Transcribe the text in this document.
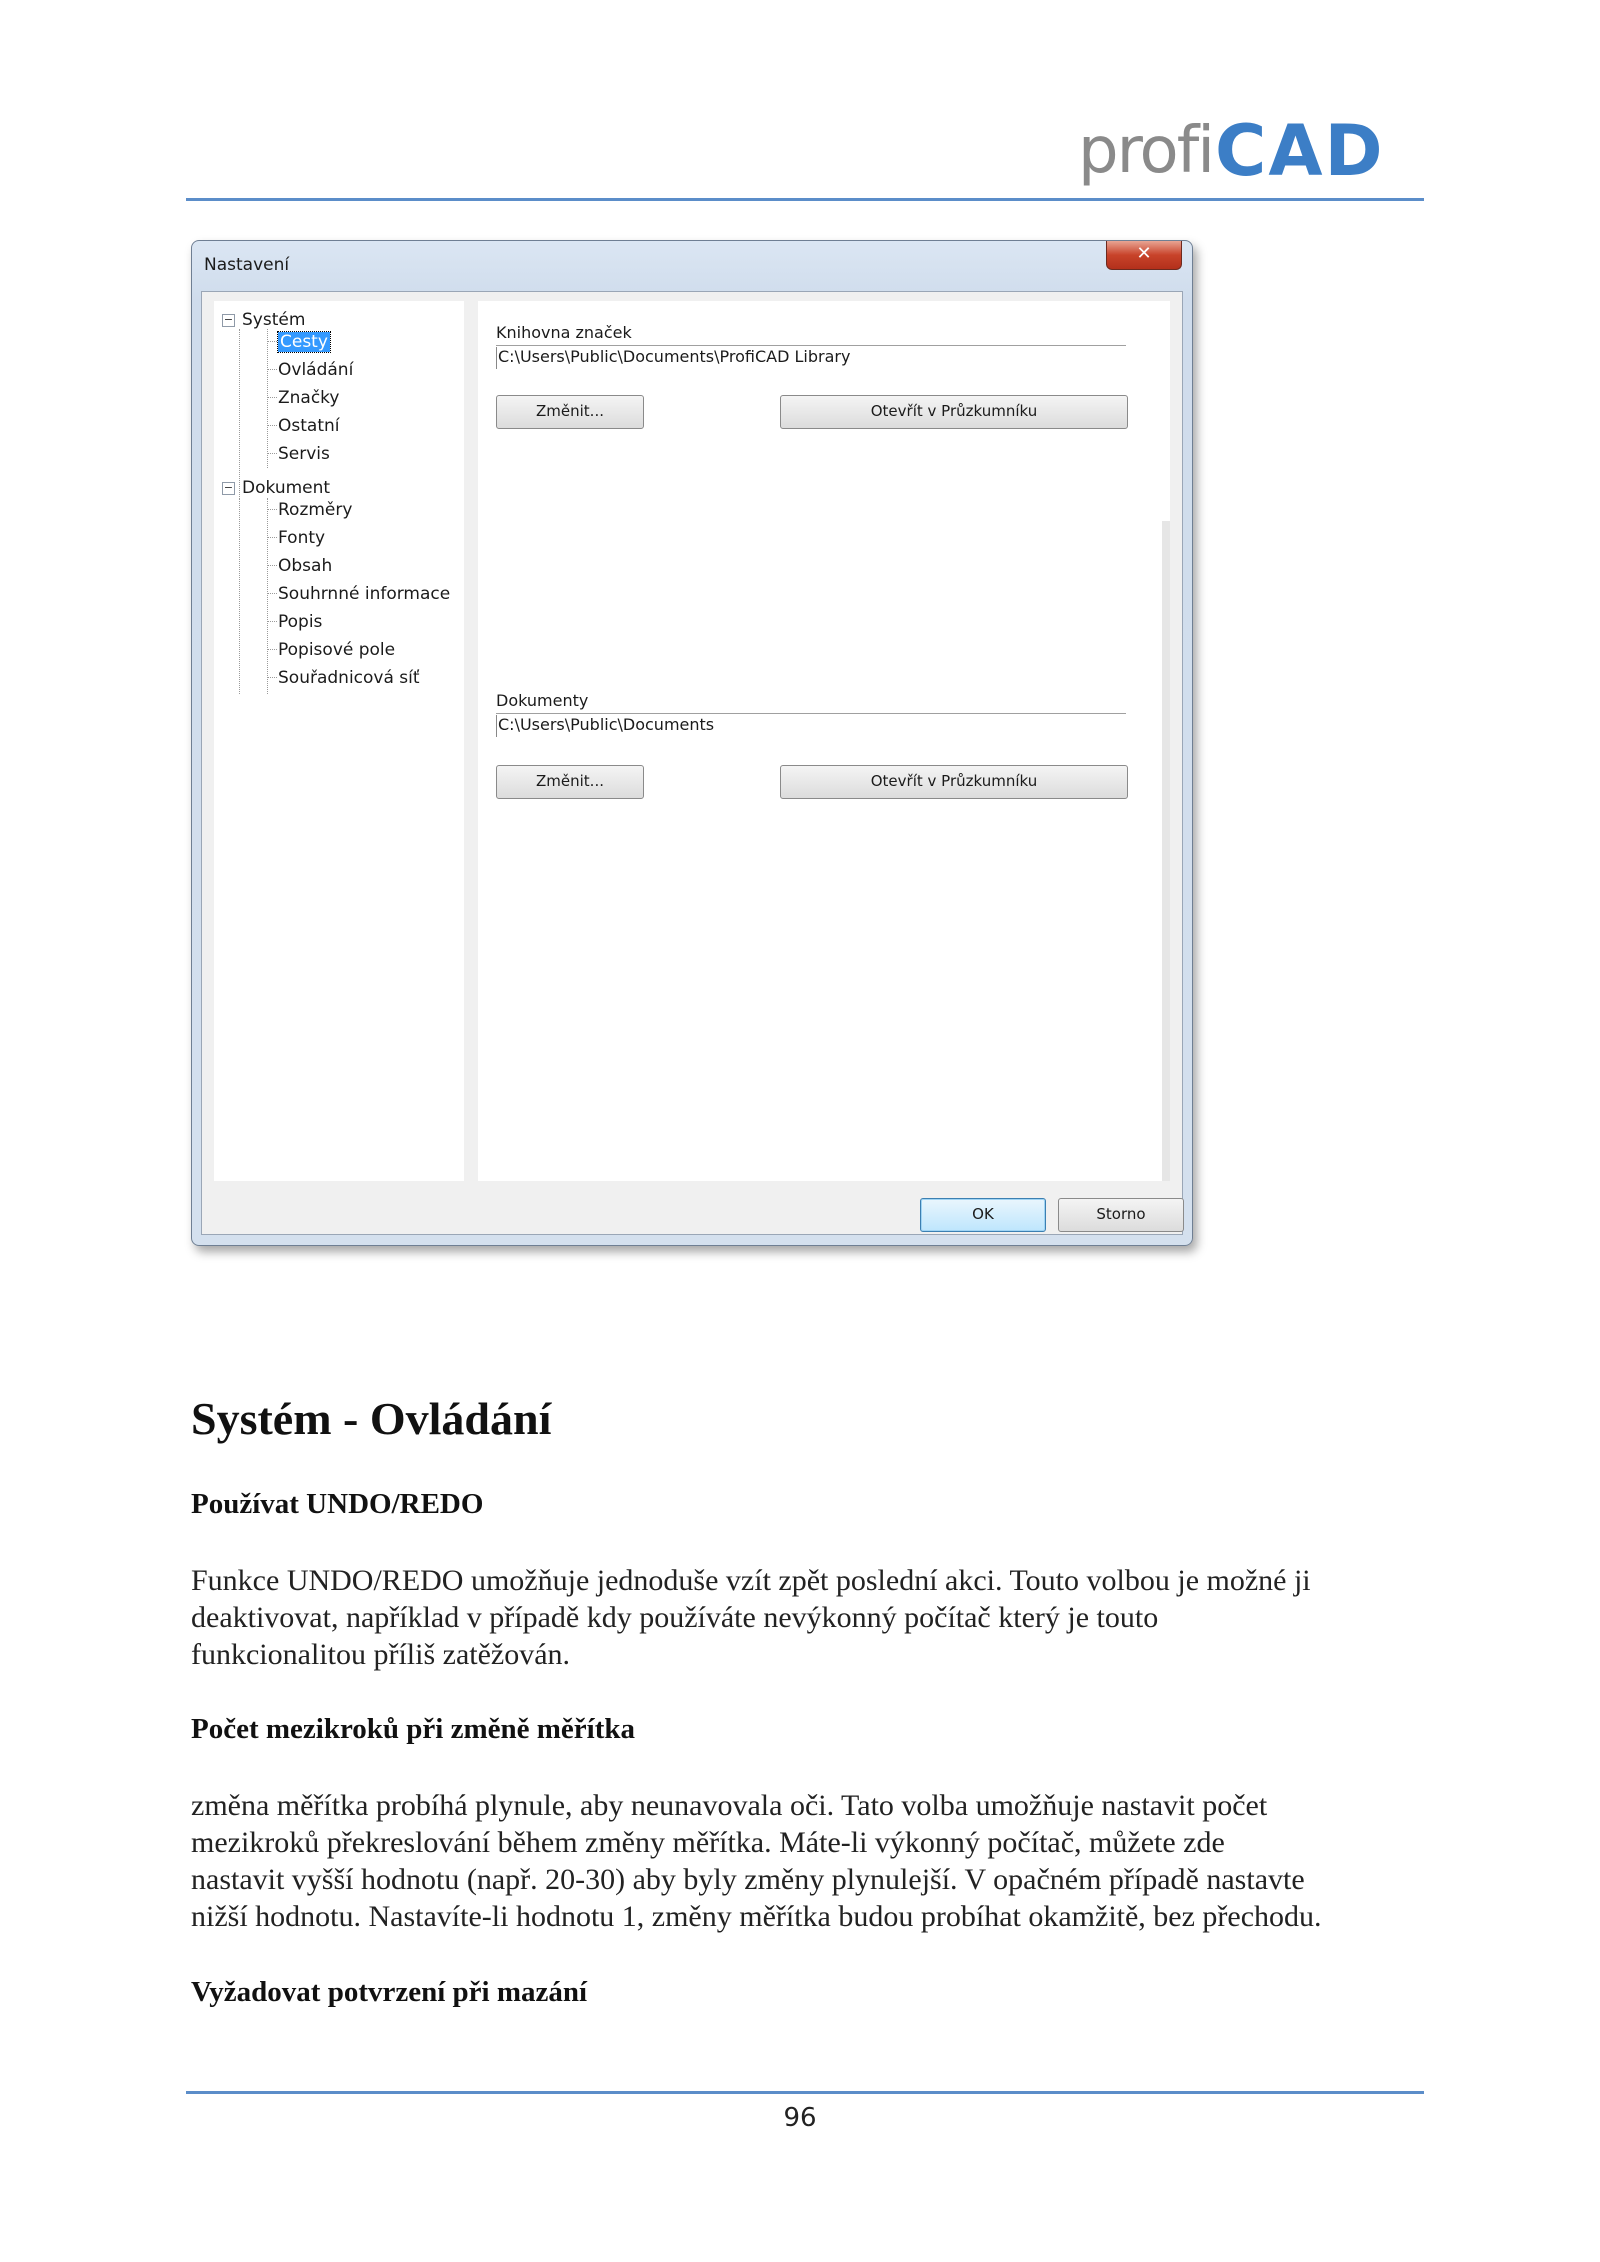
profi CAD
Nastavení
✕
− Systém
Cesty
Ovládání
Značky
Ostatní
Servis
− Dokument
Rozměry
Fonty
Obsah
Souhrnné informace
Popis
Popisové pole
Souřadnicová síť
Knihovna značek
C:\Users\Public\Documents\ProfiCAD Library
Změnit...	Otevřít v Průzkumníku
Dokumenty
C:\Users\Public\Documents
Změnit...	Otevřít v Průzkumníku
OK	Storno
Systém - Ovládání
Používat UNDO/REDO
Funkce UNDO/REDO umožňuje jednoduše vzít zpět poslední akci. Touto volbou je možné ji
deaktivovat, například v případě kdy používáte nevýkonný počítač který je touto
funkcionalitou příliš zatěžován.
Počet mezikroků při změně měřítka
změna měřítka probíhá plynule, aby neunavovala oči. Tato volba umožňuje nastavit počet
mezikroků překreslování během změny měřítka. Máte-li výkonný počítač, můžete zde
nastavit vyšší hodnotu (např. 20-30) aby byly změny plynulejší. V opačném případě nastavte
nižší hodnotu. Nastavíte-li hodnotu 1, změny měřítka budou probíhat okamžitě, bez přechodu.
Vyžadovat potvrzení při mazání
96
